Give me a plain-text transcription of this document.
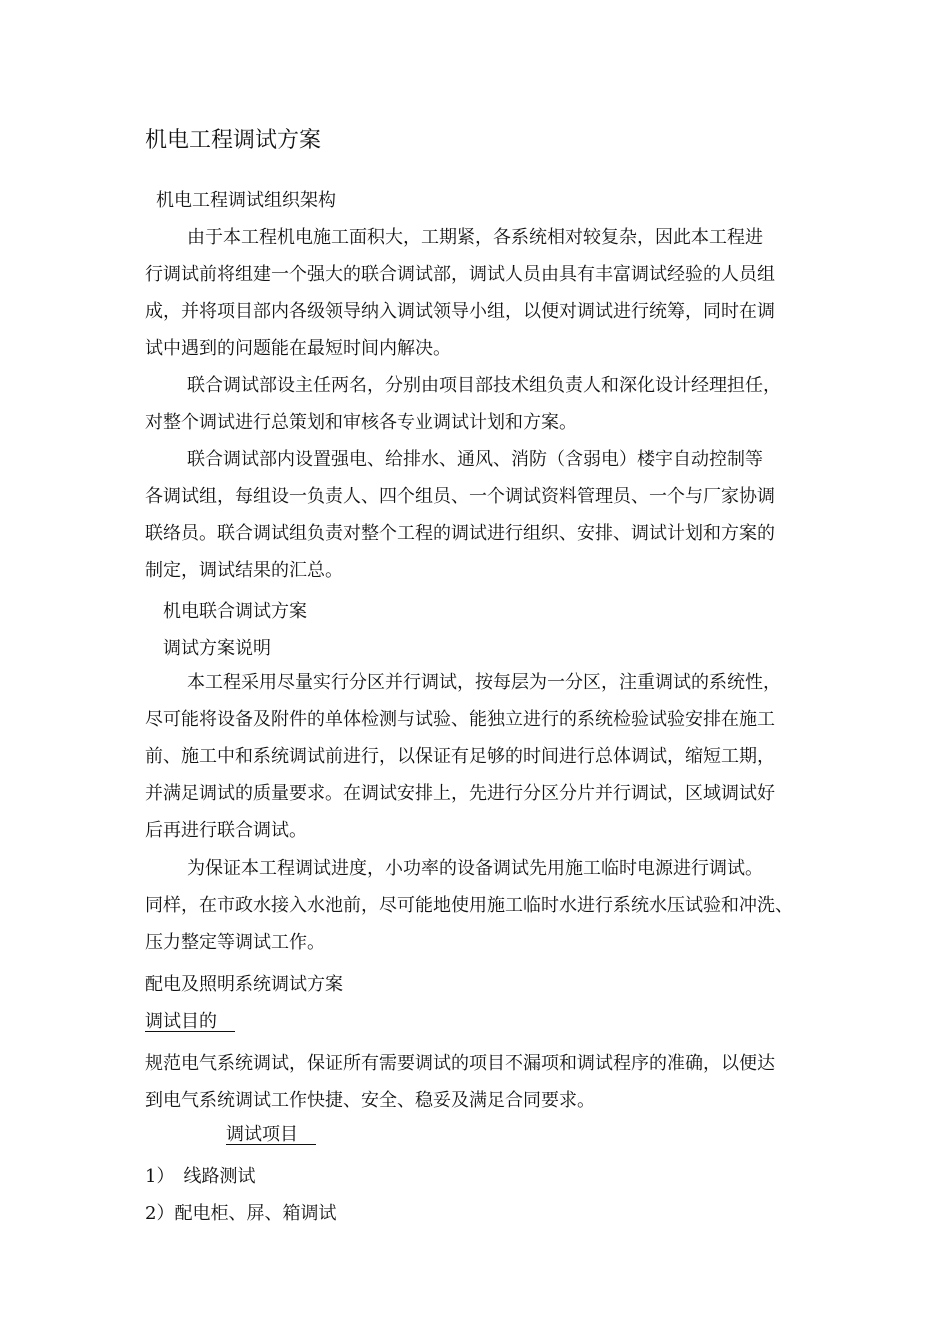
机电工程调试方案
机电工程调试组织架构
由于本工程机电施工面积大，工期紧，各系统相对较复杂，因此本工程进
行调试前将组建一个强大的联合调试部，调试人员由具有丰富调试经验的人员组
成，并将项目部内各级领导纳入调试领导小组，以便对调试进行统筹，同时在调
试中遇到的问题能在最短时间内解决。
联合调试部设主任两名，分别由项目部技术组负责人和深化设计经理担任，
对整个调试进行总策划和审核各专业调试计划和方案。
联合调试部内设置强电、给排水、通风、消防（含弱电）楼宇自动控制等
各调试组，每组设一负责人、四个组员、一个调试资料管理员、一个与厂家协调
联络员。联合调试组负责对整个工程的调试进行组织、安排、调试计划和方案的
制定，调试结果的汇总。
机电联合调试方案
调试方案说明
本工程采用尽量实行分区并行调试，按每层为一分区，注重调试的系统性，
尽可能将设备及附件的单体检测与试验、能独立进行的系统检验试验安排在施工
前、施工中和系统调试前进行，以保证有足够的时间进行总体调试，缩短工期，
并满足调试的质量要求。在调试安排上，先进行分区分片并行调试，区域调试好
后再进行联合调试。
为保证本工程调试进度，小功率的设备调试先用施工临时电源进行调试。
同样，在市政水接入水池前，尽可能地使用施工临时水进行系统水压试验和冲洗、
压力整定等调试工作。
配电及照明系统调试方案
调试目的　
规范电气系统调试，保证所有需要调试的项目不漏项和调试程序的准确，以便达
到电气系统调试工作快捷、安全、稳妥及满足合同要求。
调试项目　
1）　线路测试
2）配电柜、屏、箱调试
